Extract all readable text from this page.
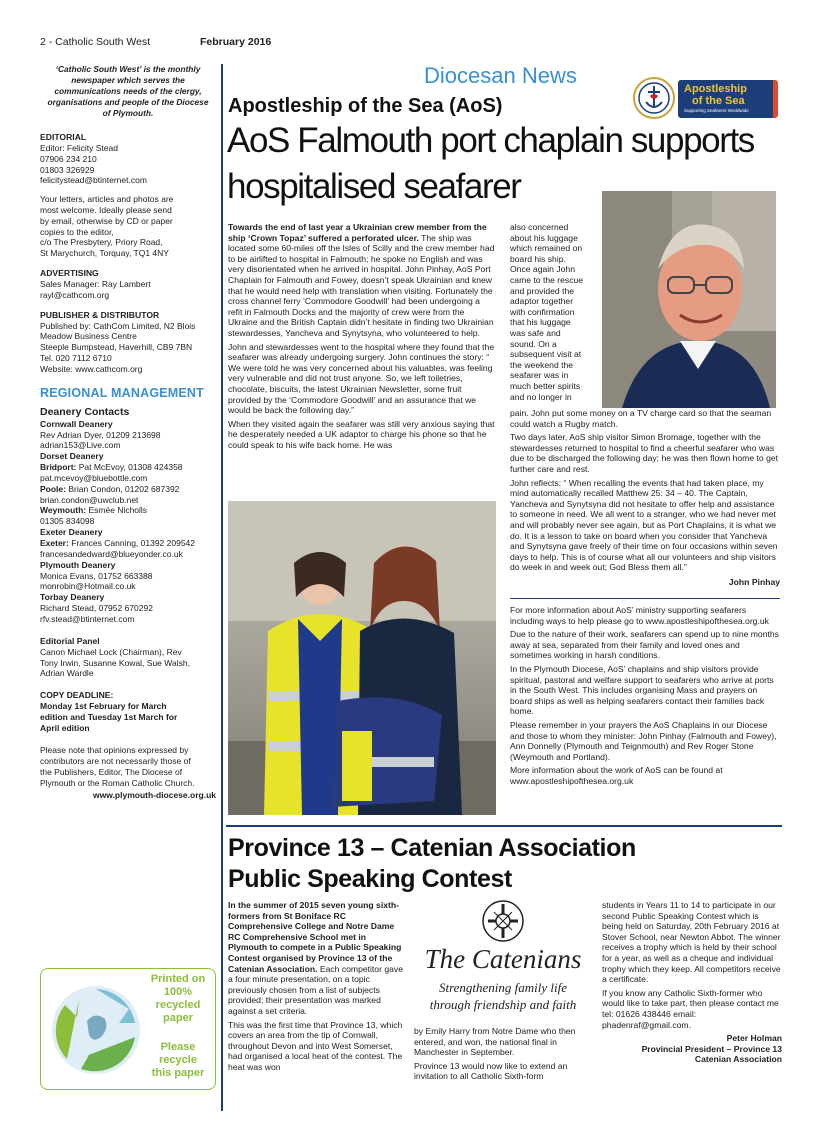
2 - Catholic South West	February 2016
‘Catholic South West’ is the monthly newspaper which serves the communications needs of the clergy, organisations and people of the Diocese of Plymouth.
EDITORIAL
Editor: Felicity Stead
07906 234 210
01803 326929
felicitystead@btinternet.com
Your letters, articles and photos are
most welcome. Ideally please send
by email, otherwise by CD or paper
copies to the editor,
c/o The Presbytery, Priory Road,
St Marychurch, Torquay, TQ1 4NY
ADVERTISING
Sales Manager: Ray Lambert
rayl@cathcom.org
PUBLISHER & DISTRIBUTOR
Published by: CathCom Limited, N2 Blois
Meadow Business Centre
Steeple Bumpstead, Haverhill, CB9 7BN
Tel. 020 7112 6710
Website: www.cathcom.org
REGIONAL MANAGEMENT
Deanery Contacts
Cornwall Deanery
Rev Adrian Dyer, 01209 213698
adrian153@Live.com
Dorset Deanery
Bridport: Pat McEvoy, 01308 424358
pat.mcevoy@bluebottle.com
Poole: Brian Condon, 01202 687392
brian.condon@uwclub.net
Weymouth: Esmée Nicholls
01305 834098
Exeter Deanery
Exeter: Frances Canning, 01392 209542
francesandedward@blueyonder.co.uk
Plymouth Deanery
Monica Evans, 01752 663388
monrobin@Hotmail.co.uk
Torbay Deanery
Richard Stead, 07952 670292
rfv.stead@btinternet.com
Editorial Panel
Canon Michael Lock (Chairman), Rev
Tony Irwin, Susanne Kowal, Sue Walsh,
Adrian Wardle
COPY DEADLINE:
Monday 1st February for March
edition and Tuesday 1st March for
April edition
Please note that opinions expressed by
contributors are not necessarily those of
the Publishers, Editor, The Diocese of
Plymouth or the Roman Catholic Church.
www.plymouth-diocese.org.uk
Printed on
100%
recycled
paper
Please
recycle
this paper
Diocesan News
Apostleship
of the Sea
Supporting Seafarers Worldwide
Apostleship of the Sea (AoS)
AoS Falmouth port chaplain supports
hospitalised seafarer
Towards the end of last year a Ukrainian crew member from the ship ‘Crown Topaz’ suffered a perforated ulcer. The ship was located some 60-miles off the Isles of Scilly and the crew member had to be airlifted to hospital in Falmouth; he spoke no English and was very disorientated when he arrived in hospital. John Pinhay, AoS Port Chaplain for Falmouth and Fowey, doesn’t speak Ukrainian and knew that he would need help with translation when visiting. Fortunately the cross channel ferry ‘Commodore Goodwill’ had been undergoing a refit in Falmouth Docks and the majority of crew were from the Ukraine and the British Captain didn’t hesitate in finding two Ukrainian stewardesses, Yancheva and Synytsyna, who volunteered to help.
John and stewardesses went to the hospital where they found that the seafarer was already undergoing surgery. John continues the story: “ We were told he was very concerned about his valuables, was feeling very vulnerable and did not trust anyone. So, we left toiletries, chocolate, biscuits, the latest Ukrainian Newsletter, some fruit provided by the ‘Commodore Goodwill’ and an assurance that we would be back the following day.”
When they visited again the seafarer was still very anxious saying that he desperately needed a UK adaptor to charge his phone so that he could speak to his wife back home. He was
also concerned
about his luggage
which remained on
board his ship.
Once again John
came to the rescue
and provided the
adaptor together
with confirmation
that his luggage
was safe and
sound. On a
subsequent visit at
the weekend the
seafarer was in
much better spirits
and no longer in
pain. John put some money on a TV charge card so that the seaman could watch a Rugby match.
Two days later, AoS ship visitor Simon Bromage, together with the stewardesses returned to hospital to find a cheerful seafarer who was due to be discharged the following day; he was then flown home to get further care and rest.
John reflects: “ When recalling the events that had taken place, my mind automatically recalled Matthew 25: 34 – 40. The Captain, Yancheva and Synytsyna did not hesitate to offer help and assistance to someone in need. We all went to a stranger, who we had never met and will probably never see again, but as Port Chaplains, it is what we do. It is a lesson to take on board when you consider that Yancheva and Synytsyna gave freely of their time on four occasions within seven days to help. This is of course what all our volunteers and ship visitors do week in and week out; God Bless them all.”
John Pinhay
For more information about AoS’ ministry supporting seafarers including ways to help please go to www.apostleshipofthesea.org.uk
Due to the nature of their work, seafarers can spend up to nine months away at sea, separated from their family and loved ones and sometimes working in harsh conditions.
In the Plymouth Diocese, AoS’ chaplains and ship visitors provide spiritual, pastoral and welfare support to seafarers who arrive at ports in the South West. This includes organising Mass and prayers on board ships as well as helping seafarers contact their families back home.
Please remember in your prayers the AoS Chaplains in our Diocese and those to whom they minister: John Pinhay (Falmouth and Fowey), Ann Donnelly (Plymouth and Teignmouth) and Rev Roger Stone (Weymouth and Portland).
More information about the work of AoS can be found at www.apostleshipofthesea.org.uk
Province 13 – Catenian Association
Public Speaking Contest
In the summer of 2015 seven young sixth-formers from St Boniface RC Comprehensive College and Notre Dame RC Comprehensive School met in Plymouth to compete in a Public Speaking Contest organised by Province 13 of the Catenian Association. Each competitor gave a four minute presentation, on a topic previously chosen from a list of subjects provided; their presentation was marked against a set criteria.
This was the first time that Province 13, which covers an area from the tip of Cornwall, throughout Devon and into West Somerset, had organised a local heat of the contest. The heat was won
The Catenians
Strengthening family life
through friendship and faith
by Emily Harry from Notre Dame who then entered, and won, the national final in Manchester in September.
Province 13 would now like to extend an invitation to all Catholic Sixth-form
students in Years 11 to 14 to participate in our second Public Speaking Contest which is being held on Saturday, 20th February 2016 at Stover School, near Newton Abbot. The winner receives a trophy which is held by their school for a year, as well as a cheque and individual trophy which they keep. All competitors receive a certificate.
If you know any Catholic Sixth-former who would like to take part, then please contact me tel: 01626 438446 email: phadenraf@gmail.com.
Peter Holman
Provincial President – Province 13
Catenian Association
